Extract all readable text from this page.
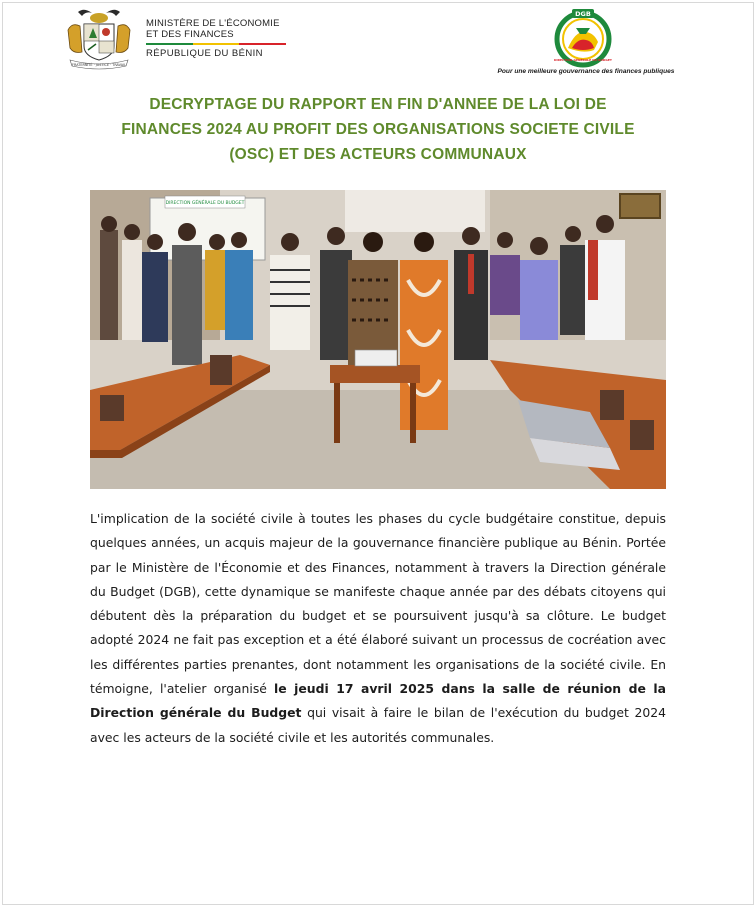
FRATERNITÉ · JUSTICE · TRAVAIL
MINISTÈRE DE L'ÉCONOMIE
ET DES FINANCES
RÉPUBLIQUE DU BÉNIN
DGB
DIRECTION GÉNÉRALE DU BUDGET
Pour une meilleure gouvernance des finances publiques
DECRYPTAGE DU RAPPORT EN FIN D'ANNEE DE LA LOI DE
FINANCES 2024 AU PROFIT DES ORGANISATIONS SOCIETE CIVILE
(OSC) ET DES ACTEURS COMMUNAUX
DIRECTION GÉNÉRALE DU BUDGET

L'implication de la société civile à toutes les phases du cycle budgétaire constitue, depuis quelques années, un acquis majeur de la gouvernance financière publique au Bénin. Portée par le Ministère de l'Économie et des Finances, notamment à travers la Direction générale du Budget (DGB), cette dynamique se manifeste chaque année par des débats citoyens qui débutent dès la préparation du budget et se poursuivent jusqu'à sa clôture. Le budget adopté 2024 ne fait pas exception et a été élaboré suivant un processus de cocréation avec les différentes parties prenantes, dont notamment les organisations de la société civile. En témoigne, l'atelier organisé le jeudi 17 avril 2025 dans la salle de réunion de la Direction générale du Budget qui visait à faire le bilan de l'exécution du budget 2024 avec les acteurs de la société civile et les autorités communales.
